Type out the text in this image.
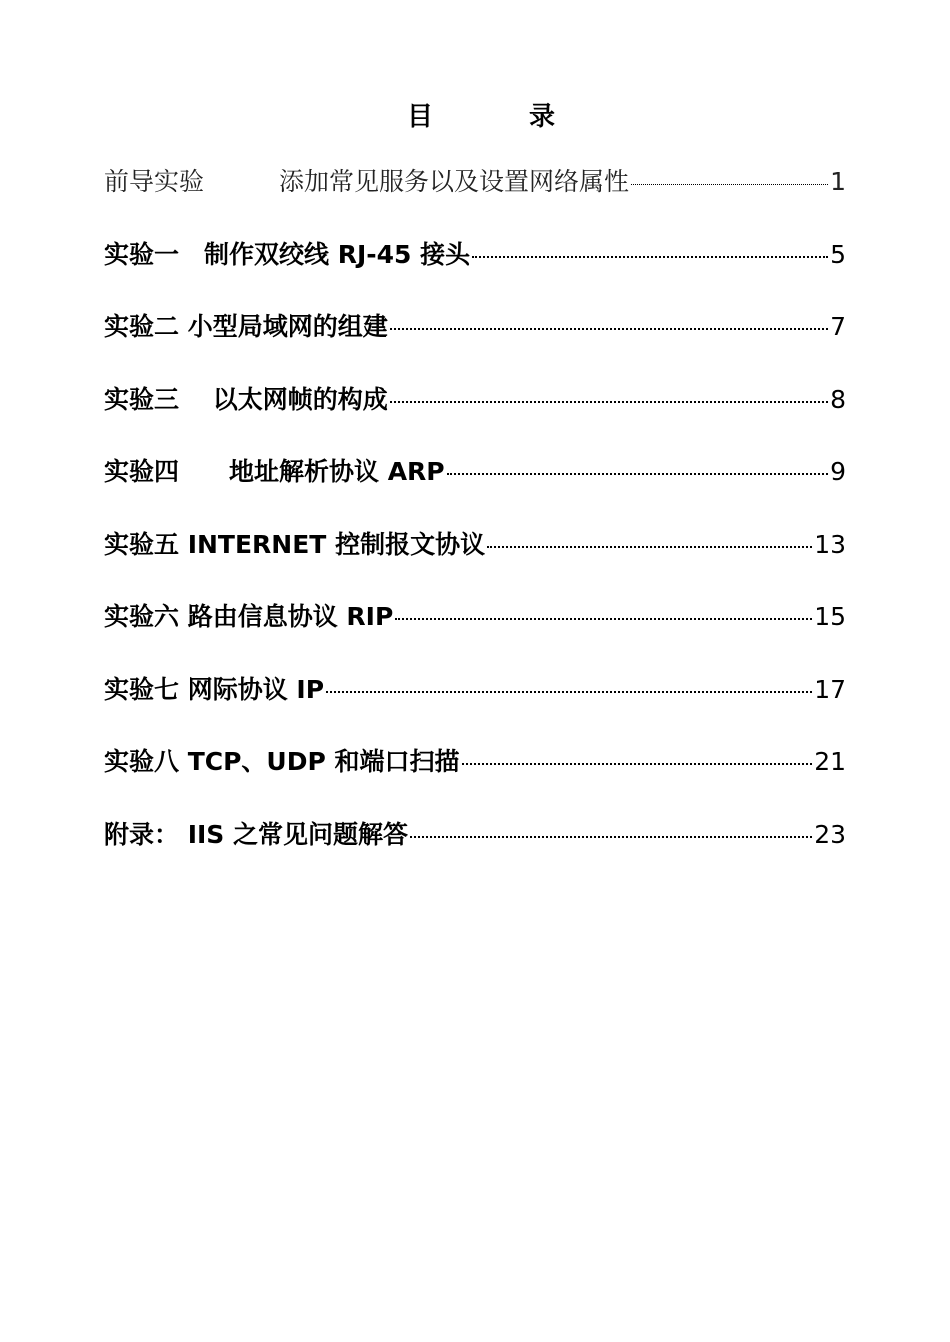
目	录
前导实验　　　添加常见服务以及设置网络属性	1
实验一　制作双绞线 RJ-45 接头	5
实验二 小型局域网的组建	7
实验三　 以太网帧的构成	8
实验四　　地址解析协议 ARP	9
实验五 INTERNET 控制报文协议	13
实验六 路由信息协议 RIP	15
实验七 网际协议 IP	17
实验八 TCP、UDP 和端口扫描	21
附录： IIS 之常见问题解答	23
